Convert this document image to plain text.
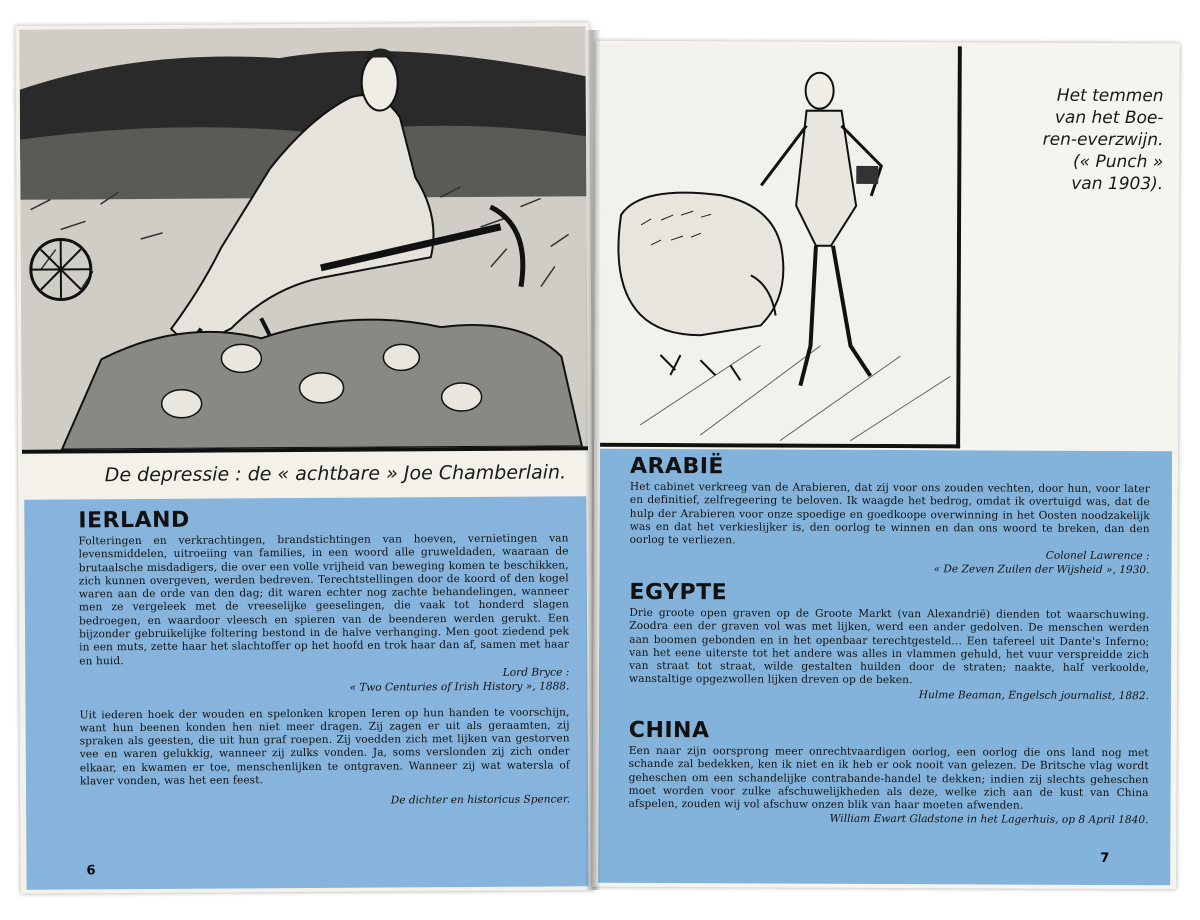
De depressie : de « achtbare » Joe Chamberlain.
IERLAND

Folteringen en verkrachtingen, brandstichtingen van hoeven, vernietingen van levensmiddelen, uitroeiing van families, in een woord alle gruweldaden, waaraan de brutaalsche misdadigers, die over een volle vrijheid van beweging komen te beschikken, zich kunnen overgeven, werden bedreven. Terechtstellingen door de koord of den kogel waren aan de orde van den dag; dit waren echter nog zachte behandelingen, wanneer men ze vergeleek met de vreeselijke geeselingen, die vaak tot honderd slagen bedroegen, en waardoor vleesch en spieren van de beenderen werden gerukt. Een bijzonder gebruikelijke foltering bestond in de halve verhanging. Men goot ziedend pek in een muts, zette haar het slachtoffer op het hoofd en trok haar dan af, samen met haar en huid.

Lord Bryce :

« Two Centuries of Irish History », 1888.

Uit iederen hoek der wouden en spelonken kropen Ieren op hun handen te voorschijn, want hun beenen konden hen niet meer dragen. Zij zagen er uit als geraamten, zij spraken als geesten, die uit hun graf roepen. Zij voedden zich met lijken van gestorven vee en waren gelukkig, wanneer zij zulks vonden. Ja, soms verslonden zij zich onder elkaar, en kwamen er toe, menschenlijken te ontgraven. Wanneer zij wat watersla of klaver vonden, was het een feest.

De dichter en historicus Spencer.

6
Het temmen
van het Boe-
ren-everzwijn.
(« Punch »
van 1903).
ARABIË

Het cabinet verkreeg van de Arabieren, dat zij voor ons zouden vechten, door hun, voor later en definitief, zelfregeering te beloven. Ik waagde het bedrog, omdat ik overtuigd was, dat de hulp der Arabieren voor onze spoedige en goedkoope overwinning in het Oosten noodzakelijk was en dat het verkieslijker is, den oorlog te winnen en dan ons woord te breken, dan den oorlog te verliezen.

Colonel Lawrence :

« De Zeven Zuilen der Wijsheid », 1930.

EGYPTE

Drie groote open graven op de Groote Markt (van Alexandrië) dienden tot waarschuwing. Zoodra een der graven vol was met lijken, werd een ander gedolven. De menschen werden aan boomen gebonden en in het openbaar terechtgesteld... Een tafereel uit Dante's Inferno; van het eene uiterste tot het andere was alles in vlammen gehuld, het vuur verspreidde zich van straat tot straat, wilde gestalten huilden door de straten; naakte, half verkoolde, wanstaltige opgezwollen lijken dreven op de beken.

Hulme Beaman, Engelsch journalist, 1882.

CHINA

Een naar zijn oorsprong meer onrechtvaardigen oorlog, een oorlog die ons land nog met schande zal bedekken, ken ik niet en ik heb er ook nooit van gelezen. De Britsche vlag wordt geheschen om een schandelijke contrabande-handel te dekken; indien zij slechts geheschen moet worden voor zulke afschuwelijkheden als deze, welke zich aan de kust van China afspelen, zouden wij vol afschuw onzen blik van haar moeten afwenden.

William Ewart Gladstone in het Lagerhuis, op 8 April 1840.

7
